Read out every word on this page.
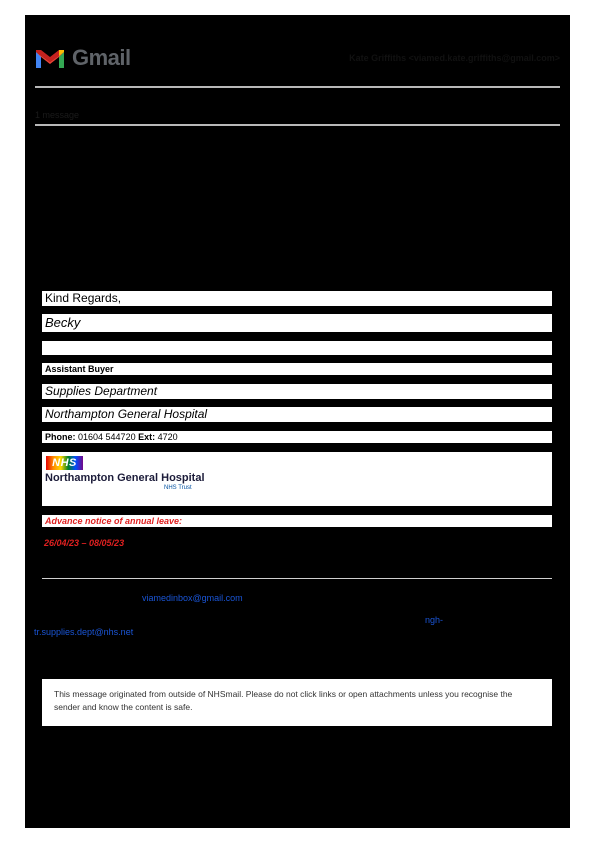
Gmail	Kate Griffiths <viamed.kate.griffiths@gmail.com>
1 message
Kind Regards,
Becky
Assistant Buyer
Supplies Department
Northampton General Hospital
Phone: 01604 544720 Ext: 4720
NHS
Northampton General Hospital
NHS Trust
Advance notice of annual leave:
26/04/23 – 08/05/23
viamedinbox@gmail.com
ngh-
tr.supplies.dept@nhs.net
This message originated from outside of NHSmail. Please do not click links or open attachments unless you recognise the sender and know the content is safe.
